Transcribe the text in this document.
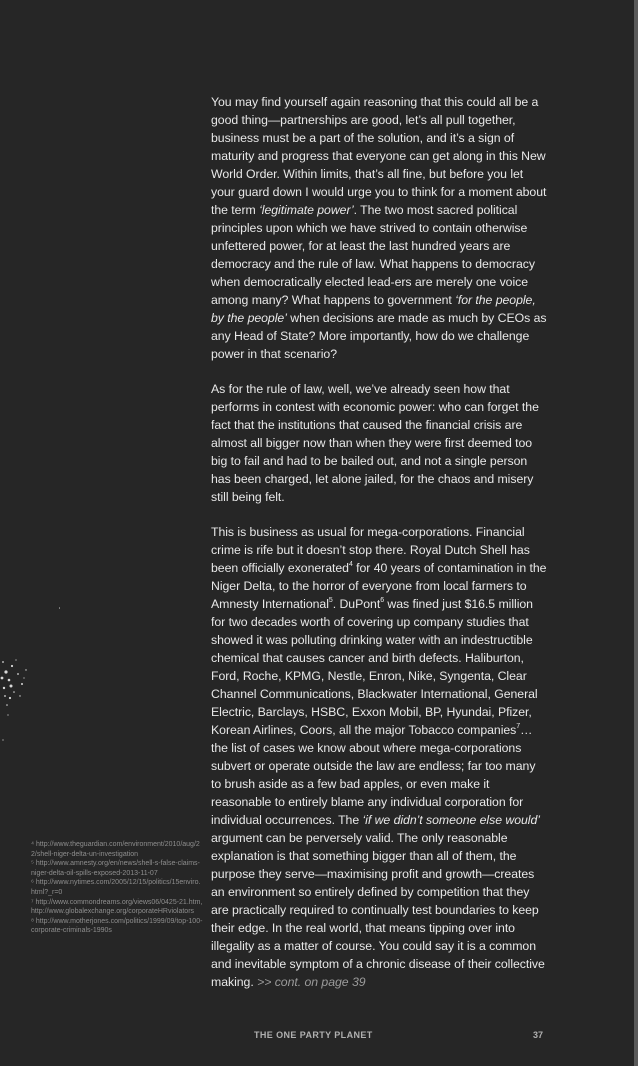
You may find yourself again reasoning that this could all be a good thing—partnerships are good, let’s all pull together, business must be a part of the solution, and it’s a sign of maturity and progress that everyone can get along in this New World Order. Within limits, that’s all fine, but before you let your guard down I would urge you to think for a moment about the term ‘legitimate power’. The two most sacred political principles upon which we have strived to contain otherwise unfettered power, for at least the last hundred years are democracy and the rule of law. What happens to democracy when democratically elected lead-ers are merely one voice among many? What happens to government ‘for the people, by the people’ when decisions are made as much by CEOs as any Head of State? More importantly, how do we challenge power in that scenario?

As for the rule of law, well, we’ve already seen how that performs in contest with economic power: who can forget the fact that the institutions that caused the financial crisis are almost all bigger now than when they were first deemed too big to fail and had to be bailed out, and not a single person has been charged, let alone jailed, for the chaos and misery still being felt.

This is business as usual for mega-corporations. Financial crime is rife but it doesn’t stop there. Royal Dutch Shell has been officially exonerated$^4$ for 40 years of contamination in the Niger Delta, to the horror of everyone from local farmers to Amnesty International$^5$. DuPont$^6$ was fined just $16.5 million for two decades worth of covering up company studies that showed it was polluting drinking water with an indestructible chemical that causes cancer and birth defects. Haliburton, Ford, Roche, KPMG, Nestle, Enron, Nike, Syngenta, Clear Channel Communications, Blackwater International, General Electric, Barclays, HSBC, Exxon Mobil, BP, Hyundai, Pfizer, Korean Airlines, Coors, all the major Tobacco companies$^7$… the list of cases we know about where mega-corporations subvert or operate outside the law are endless; far too many to brush aside as a few bad apples, or even make it reasonable to entirely blame any individual corporation for individual occurrences. The ‘if we didn’t someone else would’ argument can be perversely valid. The only reasonable explanation is that something bigger than all of them, the purpose they serve—maximising profit and growth—creates an environment so entirely defined by competition that they are practically required to continually test boundaries to keep their edge. In the real world, that means tipping over into illegality as a matter of course. You could say it is a common and inevitable symptom of a chronic disease of their collective making. >> cont. on page 39

⁴ http://www.theguardian.com/environment/2010/aug/22/shell-niger-delta-un-investigation
⁵ http://www.amnesty.org/en/news/shell-s-false-claims-niger-delta-oil-spills-exposed-2013-11-07
⁶ http://www.nytimes.com/2005/12/15/politics/15enviro.html?_r=0
⁷ http://www.commondreams.org/views06/0425-21.htm, http://www.globalexchange.org/corporateHRviolators
⁸ http://www.motherjones.com/politics/1999/09/top-100-corporate-criminals-1990s
THE ONE PARTY PLANET	37
